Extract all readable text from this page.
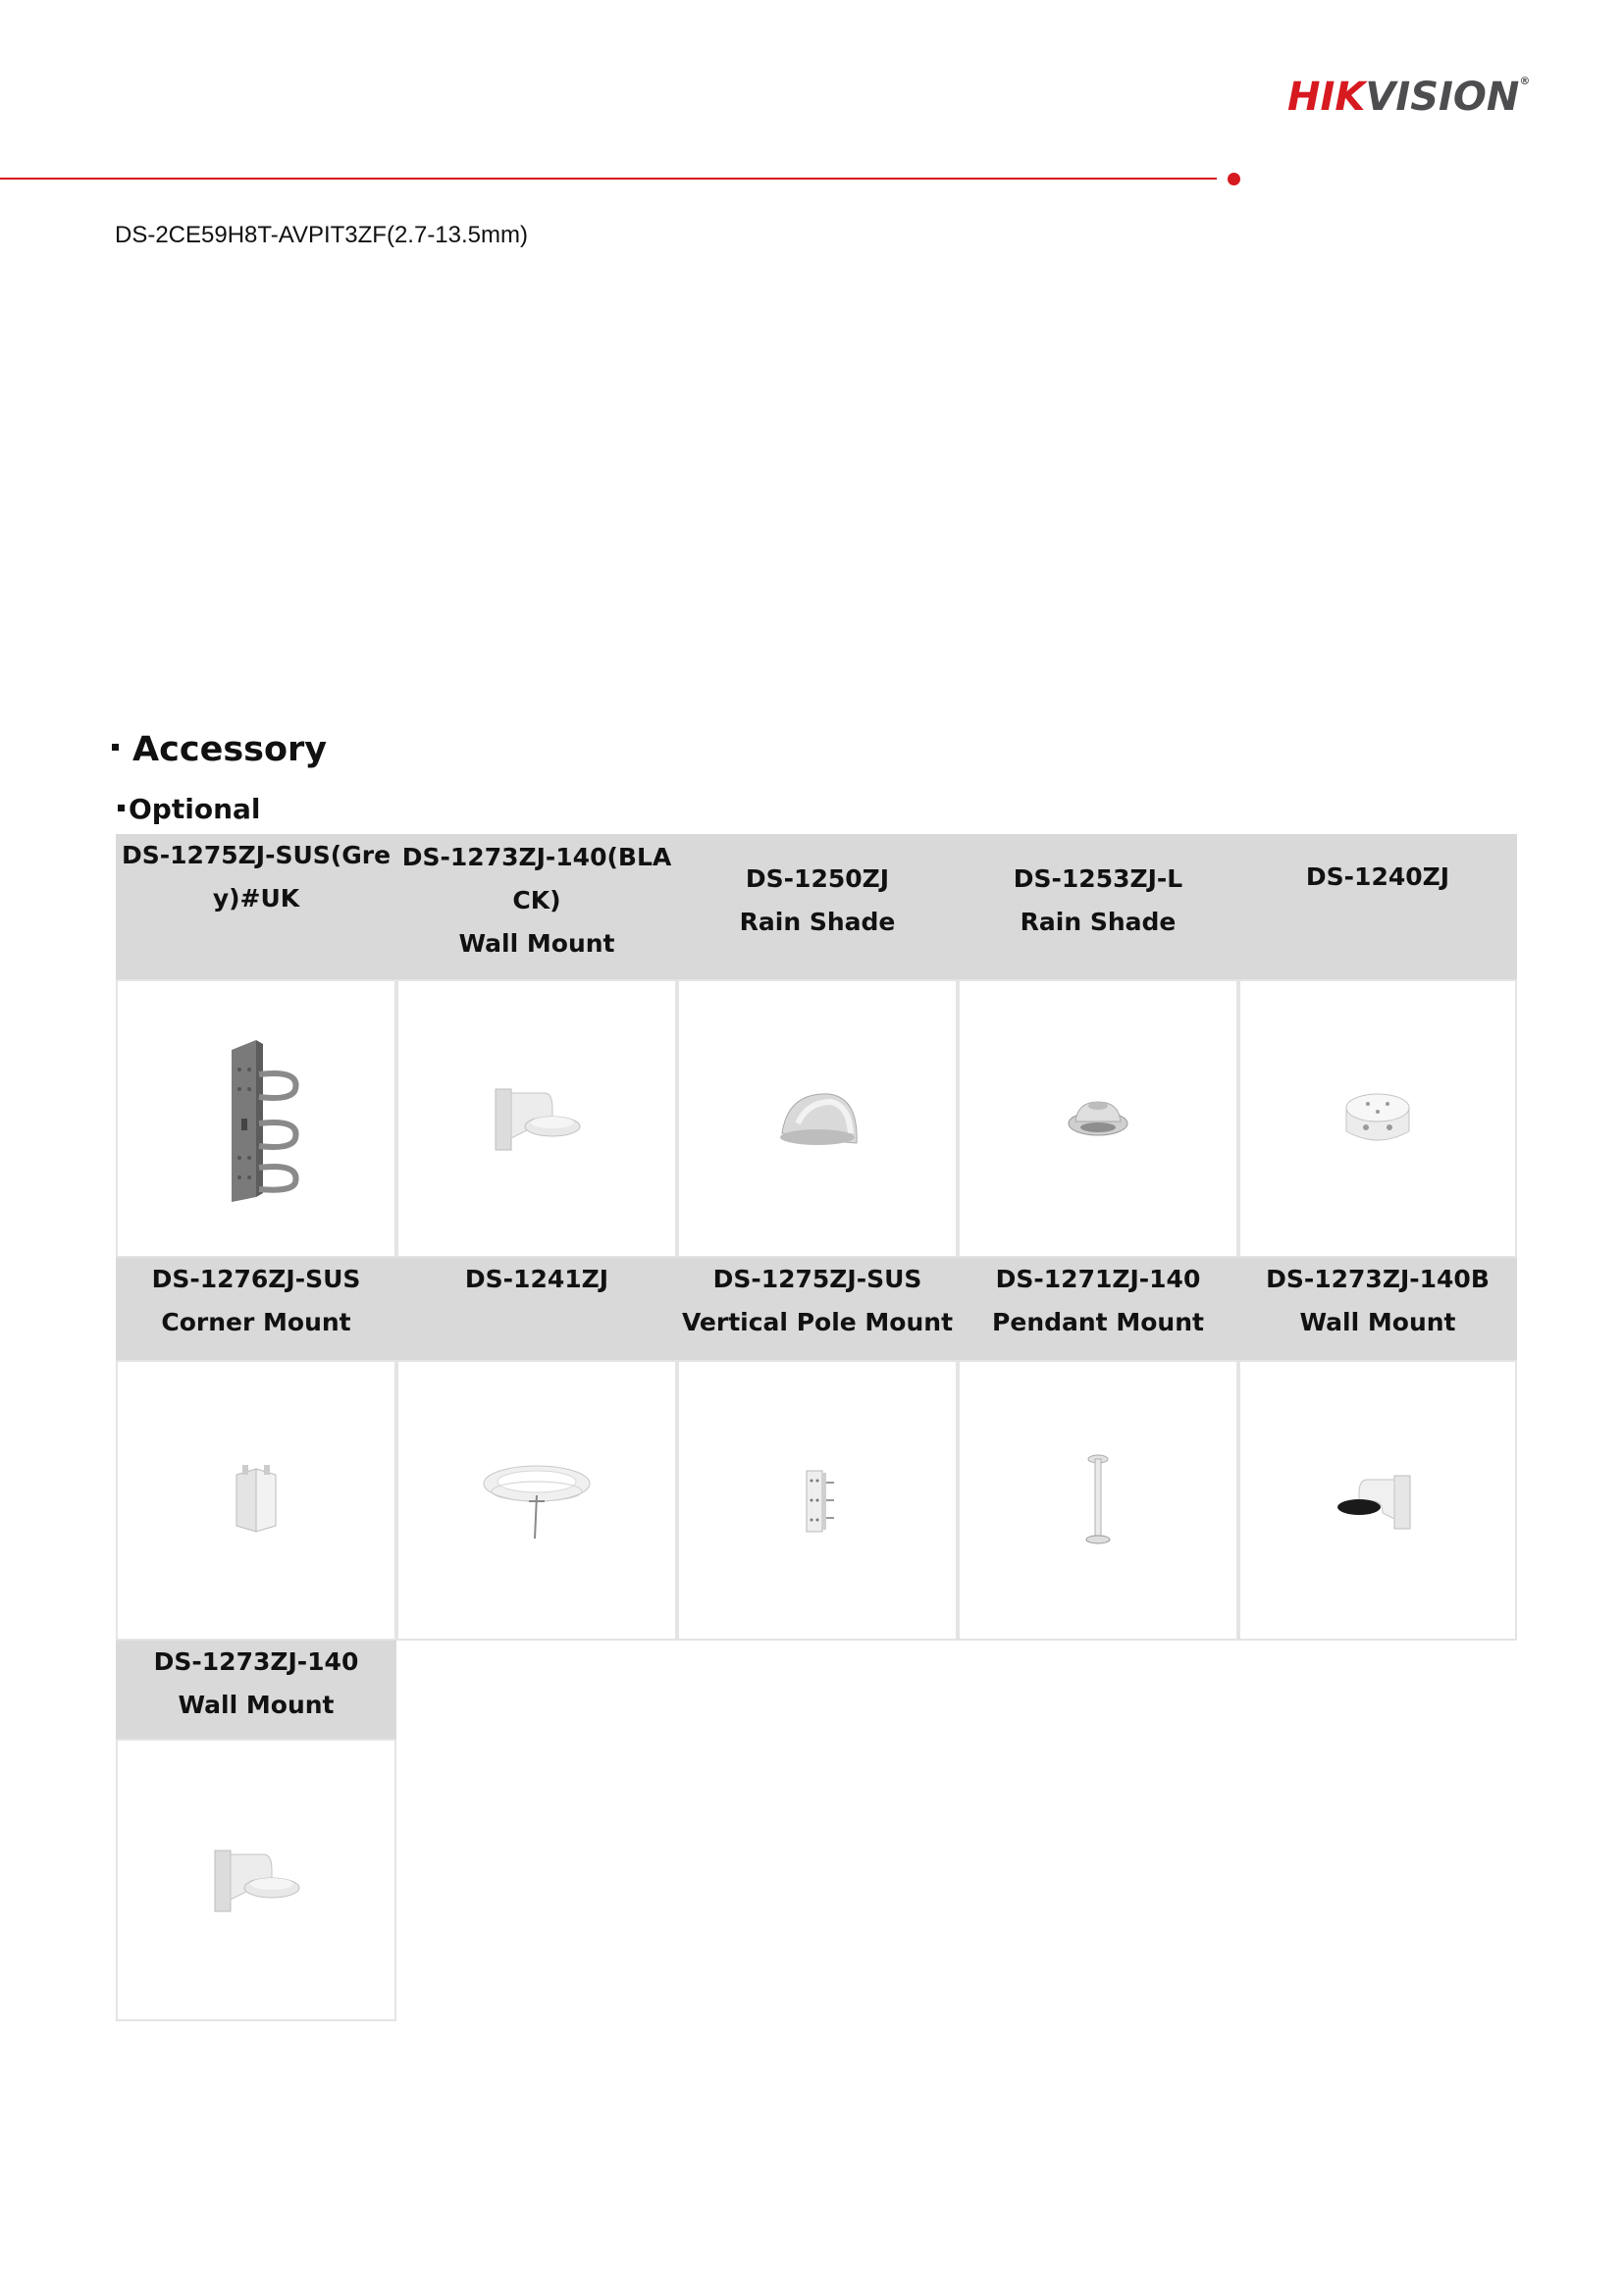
HIKVISION®
DS-2CE59H8T-AVPIT3ZF(2.7-13.5mm)
Accessory
Optional
DS-1275ZJ-SUS(Gre
y)#UK
DS-1273ZJ-140(BLA
CK)
Wall Mount
DS-1250ZJ
Rain Shade
DS-1253ZJ-L
Rain Shade
DS-1240ZJ
DS-1276ZJ-SUS
Corner Mount
DS-1241ZJ	DS-1275ZJ-SUS
Vertical Pole Mount
DS-1271ZJ-140
Pendant Mount
DS-1273ZJ-140B
Wall Mount
DS-1273ZJ-140
Wall Mount
